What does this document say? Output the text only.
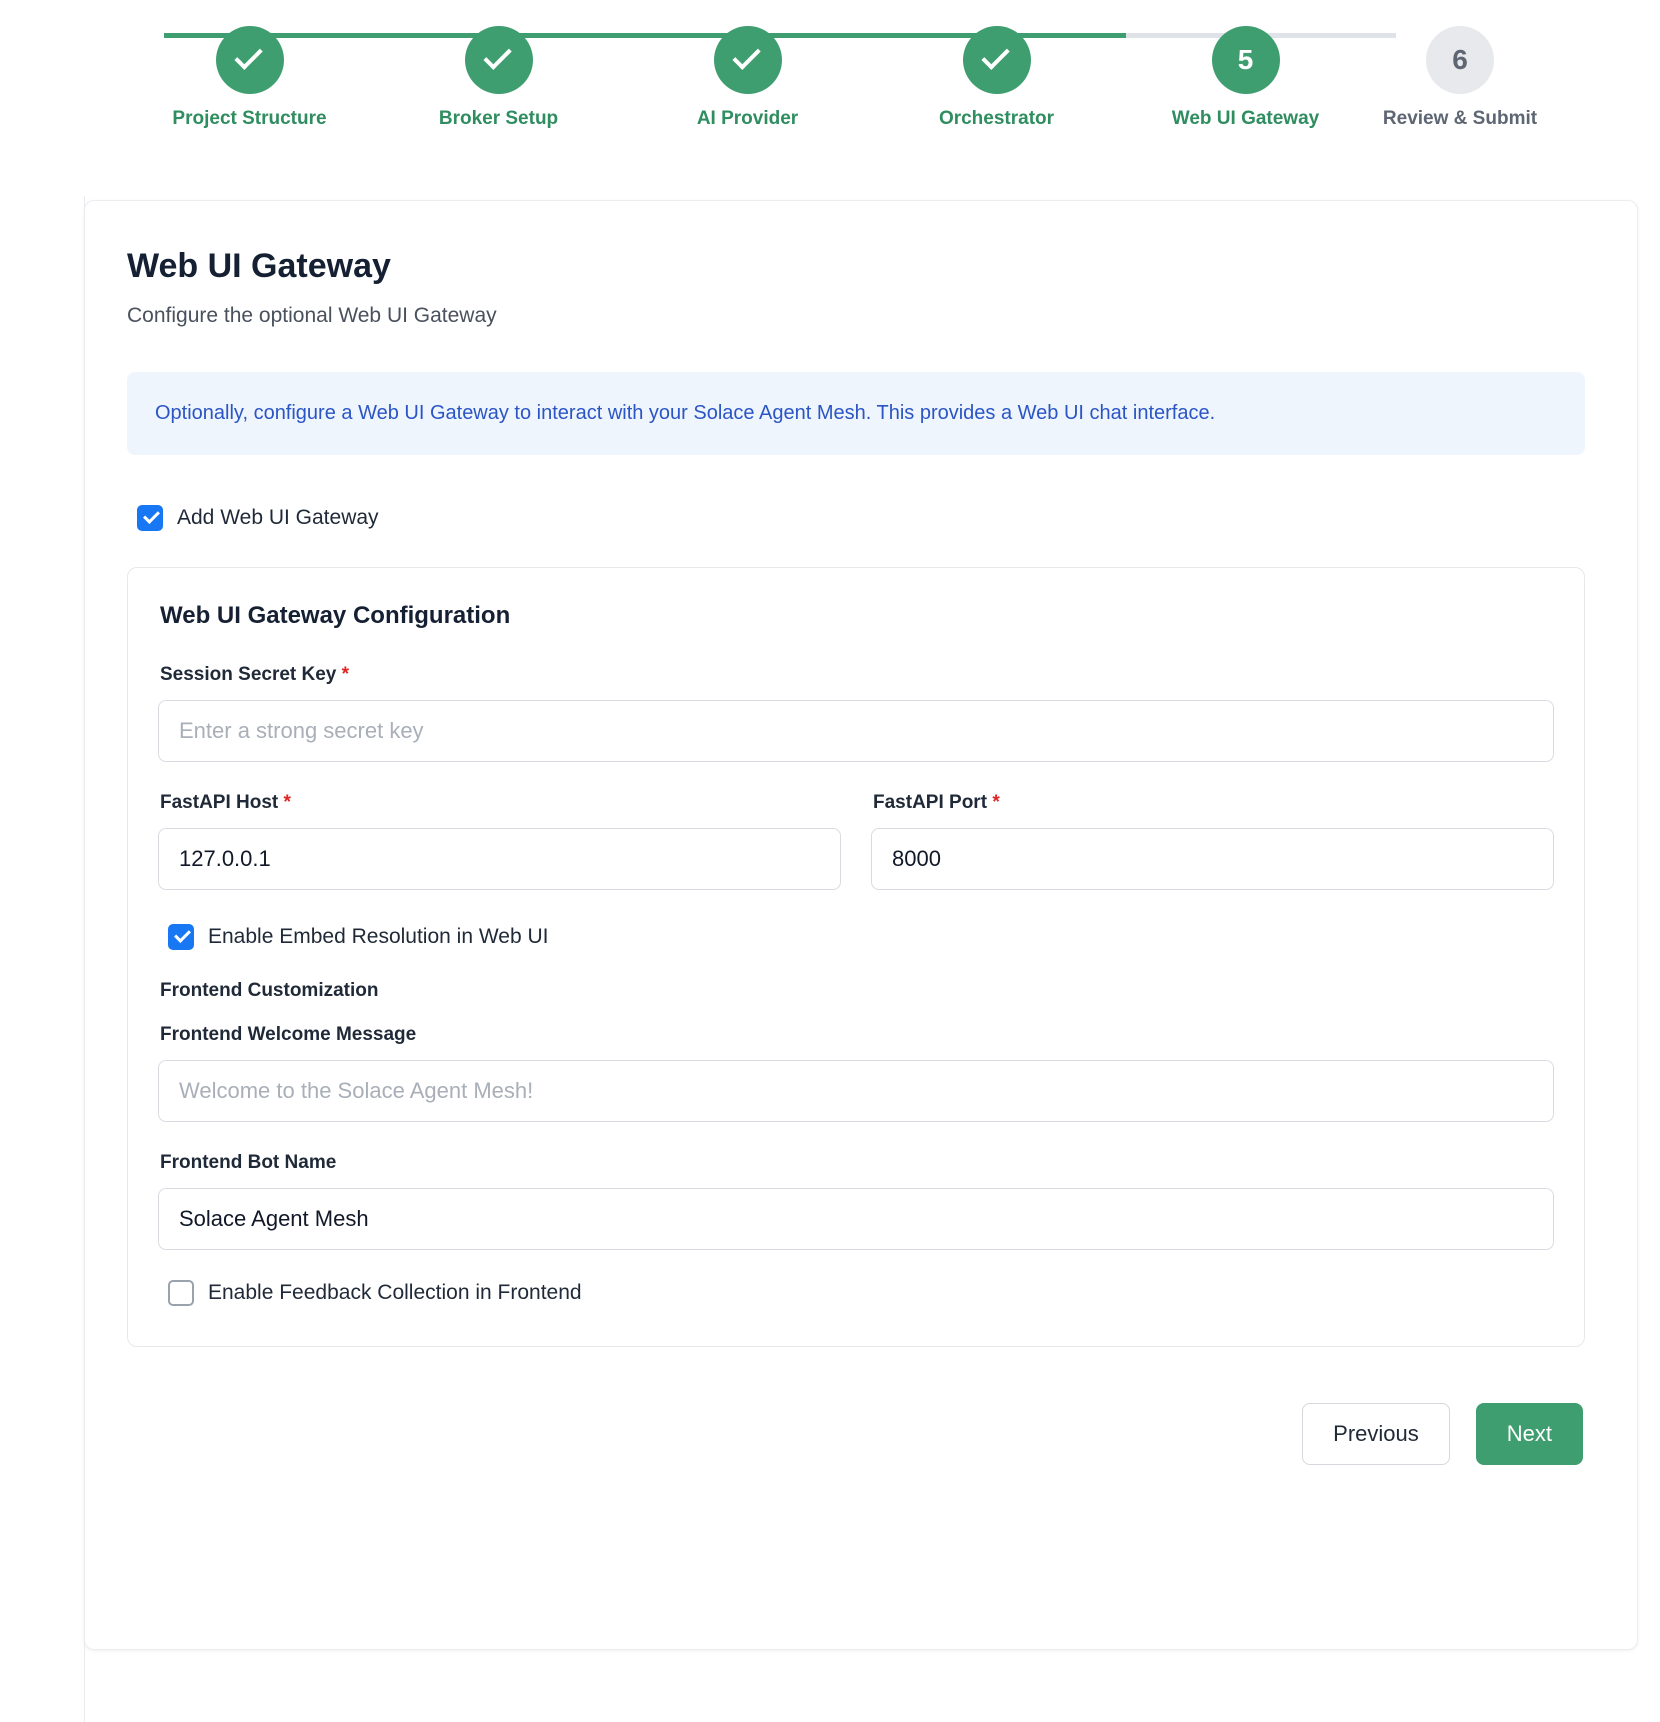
Project Structure	Broker Setup	AI Provider	Orchestrator
5
Web UI Gateway
6
Review & Submit
Web UI Gateway
Configure the optional Web UI Gateway
Optionally, configure a Web UI Gateway to interact with your Solace Agent Mesh. This provides a Web UI chat interface.
Add Web UI Gateway
Web UI Gateway Configuration
Session Secret Key *
Enter a strong secret key
FastAPI Host *
127.0.0.1	FastAPI Port *
8000
Enable Embed Resolution in Web UI
Frontend Customization
Frontend Welcome Message
Welcome to the Solace Agent Mesh!
Frontend Bot Name
Solace Agent Mesh
Enable Feedback Collection in Frontend
Previous	Next
